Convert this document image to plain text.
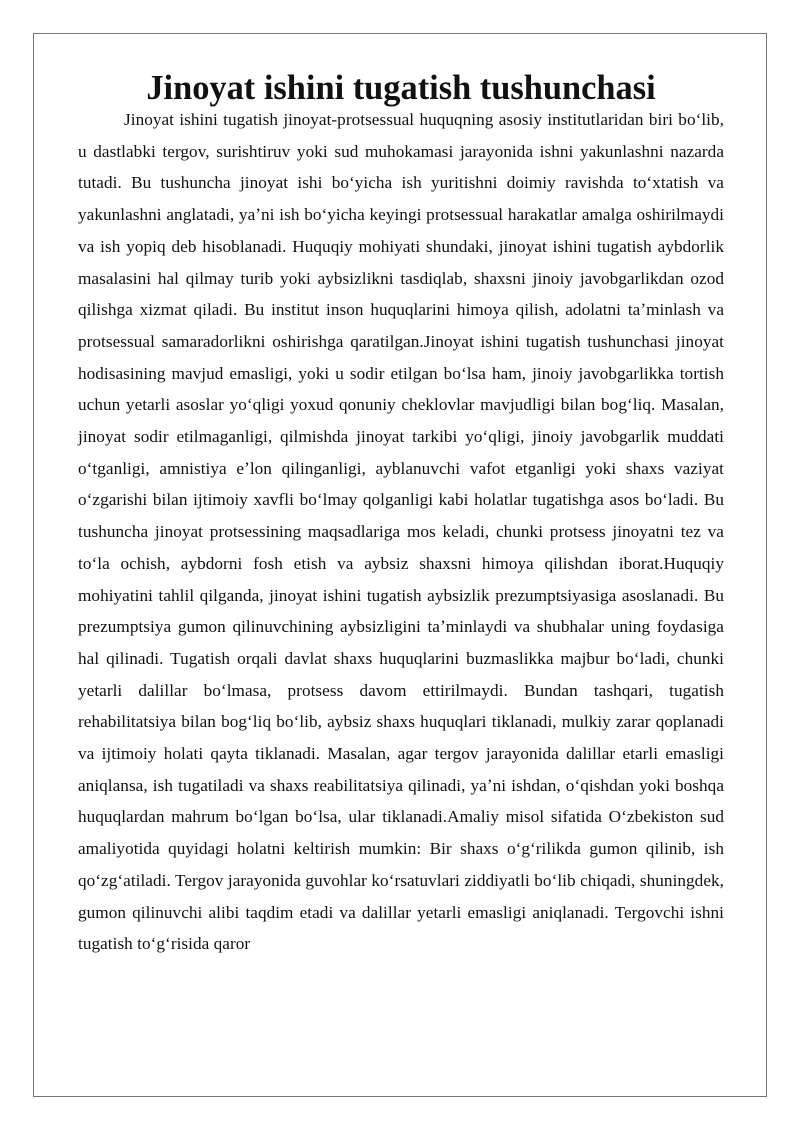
Jinoyat ishini tugatish tushunchasi

Jinoyat ishini tugatish jinoyat-protsessual huquqning asosiy institutlaridan biri boʻlib, u dastlabki tergov, surishtiruv yoki sud muhokamasi jarayonida ishni yakunlashni nazarda tutadi. Bu tushuncha jinoyat ishi boʻyicha ish yuritishni doimiy ravishda toʻxtatish va yakunlashni anglatadi, yaʼni ish boʻyicha keyingi protsessual harakatlar amalga oshirilmaydi va ish yopiq deb hisoblanadi. Huquqiy mohiyati shundaki, jinoyat ishini tugatish aybdorlik masalasini hal qilmay turib yoki aybsizlikni tasdiqlab, shaxsni jinoiy javobgarlikdan ozod qilishga xizmat qiladi. Bu institut inson huquqlarini himoya qilish, adolatni taʼminlash va protsessual samaradorlikni oshirishga qaratilgan.Jinoyat ishini tugatish tushunchasi jinoyat hodisasining mavjud emasligi, yoki u sodir etilgan boʻlsa ham, jinoiy javobgarlikka tortish uchun yetarli asoslar yoʻqligi yoxud qonuniy cheklovlar mavjudligi bilan bogʻliq. Masalan, jinoyat sodir etilmaganligi, qilmishda jinoyat tarkibi yoʻqligi, jinoiy javobgarlik muddati oʻtganligi, amnistiya eʼlon qilinganligi, ayblanuvchi vafot etganligi yoki shaxs vaziyat oʻzgarishi bilan ijtimoiy xavfli boʻlmay qolganligi kabi holatlar tugatishga asos boʻladi. Bu tushuncha jinoyat protsessining maqsadlariga mos keladi, chunki protsess jinoyatni tez va toʻla ochish, aybdorni fosh etish va aybsiz shaxsni himoya qilishdan iborat.Huquqiy mohiyatini tahlil qilganda, jinoyat ishini tugatish aybsizlik prezumptsiyasiga asoslanadi. Bu prezumptsiya gumon qilinuvchining aybsizligini taʼminlaydi va shubhalar uning foydasiga hal qilinadi. Tugatish orqali davlat shaxs huquqlarini buzmaslikka majbur boʻladi, chunki yetarli dalillar boʻlmasa, protsess davom ettirilmaydi. Bundan tashqari, tugatish rehabilitatsiya bilan bogʻliq boʻlib, aybsiz shaxs huquqlari tiklanadi, mulkiy zarar qoplanadi va ijtimoiy holati qayta tiklanadi. Masalan, agar tergov jarayonida dalillar etarli emasligi aniqlansa, ish tugatiladi va shaxs reabilitatsiya qilinadi, yaʼni ishdan, oʻqishdan yoki boshqa huquqlardan mahrum boʻlgan boʻlsa, ular tiklanadi.Amaliy misol sifatida Oʻzbekiston sud amaliyotida quyidagi holatni keltirish mumkin: Bir shaxs oʻgʻrilikda gumon qilinib, ish qoʻzgʻatiladi. Tergov jarayonida guvohlar koʻrsatuvlari ziddiyatli boʻlib chiqadi, shuningdek, gumon qilinuvchi alibi taqdim etadi va dalillar yetarli emasligi aniqlanadi. Tergovchi ishni tugatish toʻgʻrisida qaror
